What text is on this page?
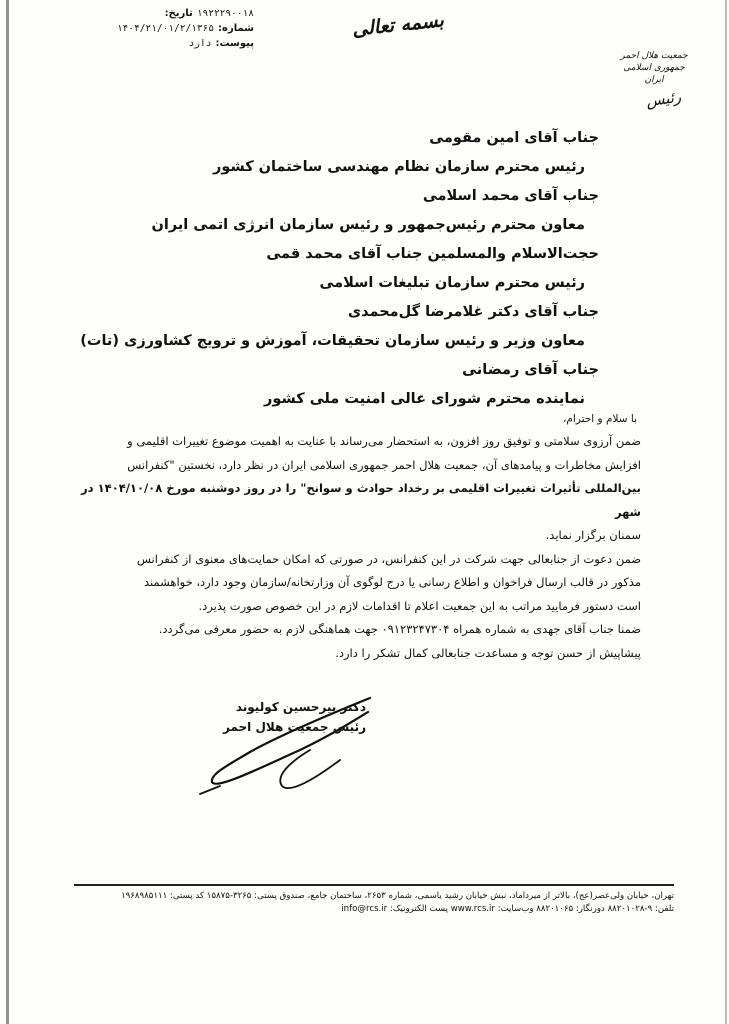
۱۹۲۲۲۹۰۰۱۸
تاریخ:
شماره:
۱۴۰۴/۲۱/۰۱/۲/۱۳۶۵
پیوست:
دارد
بسمه تعالی
جمعیت هلال احمر
جمهوری اسلامی ایران
رئیس
جناب آقای امین مقومی
رئیس محترم سازمان نظام مهندسی ساختمان کشور
جناب آقای محمد اسلامی
معاون محترم رئیس‌جمهور و رئیس سازمان انرژی اتمی ایران
حجت‌الاسلام والمسلمین جناب آقای محمد قمی
رئیس محترم سازمان تبلیغات اسلامی
جناب آقای دکتر غلامرضا گل‌محمدی
معاون وزیر و رئیس سازمان تحقیقات، آموزش و ترویج کشاورزی (تات)
جناب آقای رمضانی
نماینده محترم شورای عالی امنیت ملی کشور
با سلام و احترام،

ضمن آرزوی سلامتی و توفیق روز افزون، به استحضار می‌رساند با عنایت به اهمیت موضوع تغییرات اقلیمی و
افزایش مخاطرات و پیامدهای آن، جمعیت هلال احمر جمهوری اسلامی ایران در نظر دارد، نخستین "کنفرانس
بین‌المللی تأثیرات تغییرات اقلیمی بر رخداد حوادث و سوانح" را در روز دوشنبه مورخ ۱۴۰۴/۱۰/۰۸ در شهر
سمنان برگزار نماید.

ضمن دعوت از جنابعالی جهت شرکت در این کنفرانس، در صورتی که امکان حمایت‌های معنوی از کنفرانس
مذکور در قالب ارسال فراخوان و اطلاع رسانی یا درج لوگوی آن وزارتخانه/سازمان وجود دارد، خواهشمند
است دستور فرمایید مراتب به این جمعیت اعلام تا اقدامات لازم در این خصوص صورت پذیرد.

ضمنا جناب آقای جهدی به شماره همراه ۰۹۱۲۳۲۴۷۳۰۴ جهت هماهنگی لازم به حضور معرفی می‌گردد.

پیشاپیش از حسن توجه و مساعدت جنابعالی کمال تشکر را دارد.

دکتر پیرحسین کولیوند
رئیس جمعیت هلال احمر
تهران، خیابان ولی‌عصر(عج)، بالاتر از میرداماد، نبش خیابان رشید یاسمی، شماره ۲۶۵۳، ساختمان جامع، صندوق پستی: ۳۲۶۵-۱۵۸۷۵ کد پستی: ۱۹۶۸۹۸۵۱۱۱
تلفن: ۹-۸۸۲۰۱۰۲۸ دورنگار: ۸۸۲۰۱۰۶۵ وب‌سایت: www.rcs.ir پست الکترونیک: info@rcs.ir
